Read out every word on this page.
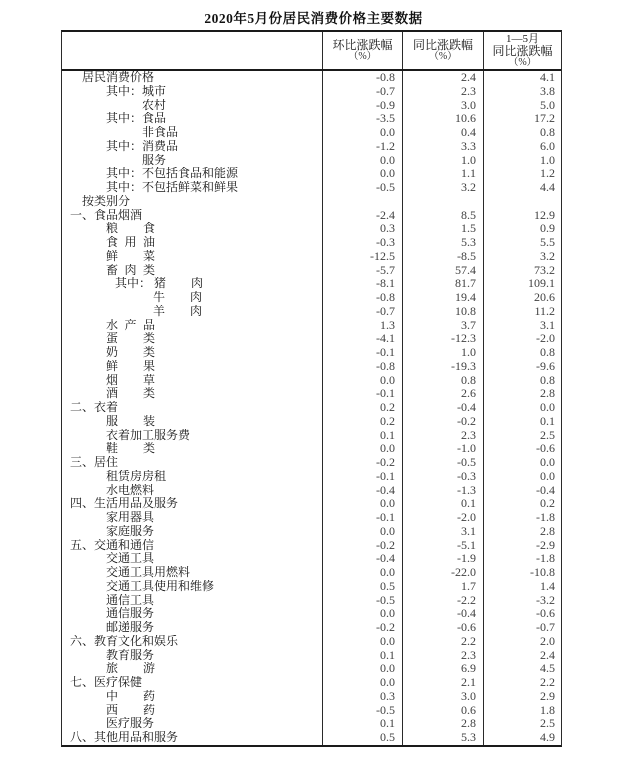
2020年5月份居民消费价格主要数据
环比涨跌幅
（%）
同比涨跌幅
（%）
1—5月
同比涨跌幅
（%）
居民消费价格	-0.8	2.4	4.1
其中：城市	-0.7	2.3	3.8
农村	-0.9	3.0	5.0
其中：食品	-3.5	10.6	17.2
非食品	0.0	0.4	0.8
其中：消费品	-1.2	3.3	6.0
服务	0.0	1.0	1.0
其中：不包括食品和能源	0.0	1.1	1.2
其中：不包括鲜菜和鲜果	-0.5	3.2	4.4
按类别分
一、食品烟酒	-2.4	8.5	12.9
粮食	0.3	1.5	0.9
食用油	-0.3	5.3	5.5
鲜菜	-12.5	-8.5	3.2
畜肉类	-5.7	57.4	73.2
其中： 猪肉	-8.1	81.7	109.1
牛肉	-0.8	19.4	20.6
羊肉	-0.7	10.8	11.2
水产品	1.3	3.7	3.1
蛋类	-4.1	-12.3	-2.0
奶类	-0.1	1.0	0.8
鲜果	-0.8	-19.3	-9.6
烟草	0.0	0.8	0.8
酒类	-0.1	2.6	2.8
二、衣着	0.2	-0.4	0.0
服装	0.2	-0.2	0.1
衣着加工服务费	0.1	2.3	2.5
鞋类	0.0	-1.0	-0.6
三、居住	-0.2	-0.5	0.0
租赁房房租	-0.1	-0.3	0.0
水电燃料	-0.4	-1.3	-0.4
四、生活用品及服务	0.0	0.1	0.2
家用器具	-0.1	-2.0	-1.8
家庭服务	0.0	3.1	2.8
五、交通和通信	-0.2	-5.1	-2.9
交通工具	-0.4	-1.9	-1.8
交通工具用燃料	0.0	-22.0	-10.8
交通工具使用和维修	0.5	1.7	1.4
通信工具	-0.5	-2.2	-3.2
通信服务	0.0	-0.4	-0.6
邮递服务	-0.2	-0.6	-0.7
六、教育文化和娱乐	0.0	2.2	2.0
教育服务	0.1	2.3	2.4
旅游	0.0	6.9	4.5
七、医疗保健	0.0	2.1	2.2
中药	0.3	3.0	2.9
西药	-0.5	0.6	1.8
医疗服务	0.1	2.8	2.5
八、其他用品和服务	0.5	5.3	4.9
